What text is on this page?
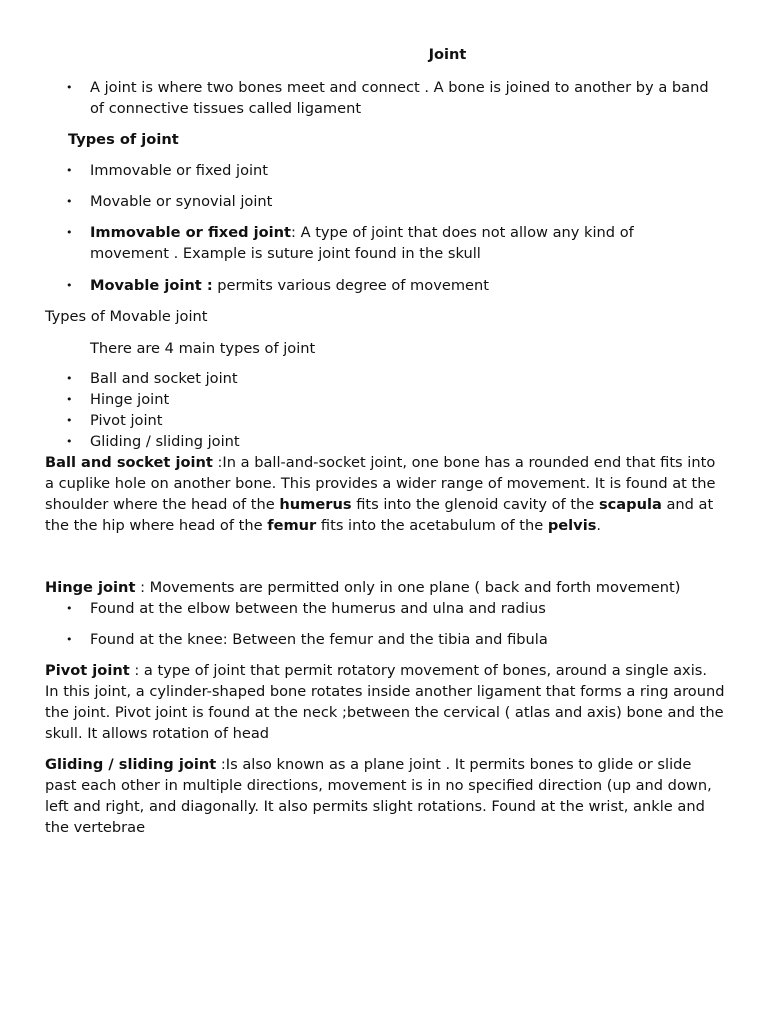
Joint

• A joint is where two bones meet and connect . A bone is joined to another by a band of connective tissues called ligament

Types of joint

• Immovable or fixed joint

• Movable or synovial joint

• Immovable or fixed joint: A type of joint that does not allow any kind of movement . Example is suture joint found in the skull

• Movable joint : permits various degree of movement

Types of Movable joint

There are 4 main types of joint

• Ball and socket joint

• Hinge joint

• Pivot joint

• Gliding / sliding joint

Ball and socket joint :In a ball-and-socket joint, one bone has a rounded end that fits into a cuplike hole on another bone. This provides a wider range of movement. It is found at the shoulder where the head of the humerus fits into the glenoid cavity of the scapula and at the the hip where head of the femur fits into the acetabulum of the pelvis.

Hinge joint : Movements are permitted only in one plane ( back and forth movement)

• Found at the elbow between the humerus and ulna and radius

• Found at the knee: Between the femur and the tibia and fibula

Pivot joint : a type of joint that permit rotatory movement of bones, around a single axis. In this joint, a cylinder-shaped bone rotates inside another ligament that forms a ring around the joint. Pivot joint is found at the neck ;between the cervical ( atlas and axis) bone and the skull. It allows rotation of head

Gliding / sliding joint :Is also known as a plane joint . It permits bones to glide or slide past each other in multiple directions, movement is in no specified direction (up and down, left and right, and diagonally. It also permits slight rotations. Found at the wrist, ankle and the vertebrae
